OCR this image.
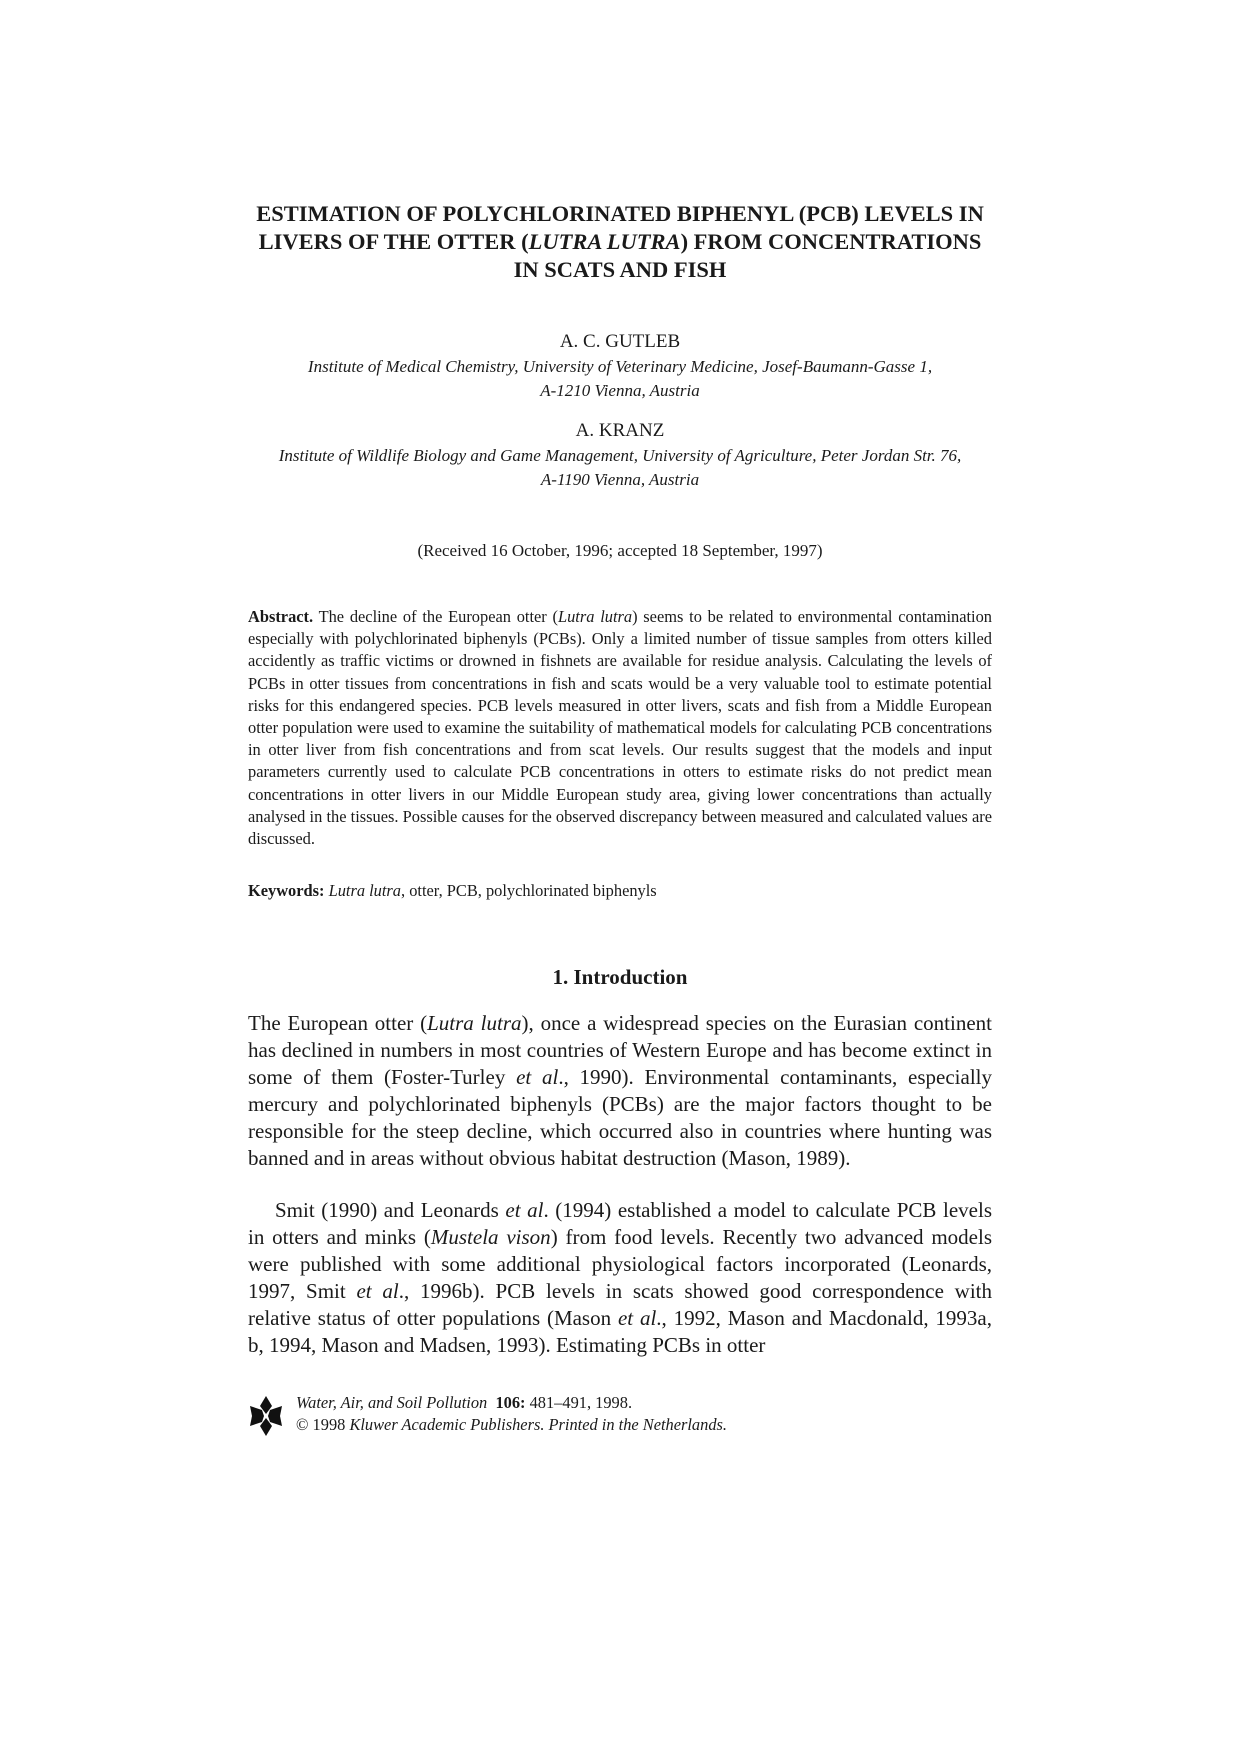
ESTIMATION OF POLYCHLORINATED BIPHENYL (PCB) LEVELS IN
LIVERS OF THE OTTER (LUTRA LUTRA) FROM CONCENTRATIONS
IN SCATS AND FISH
A. C. GUTLEB
Institute of Medical Chemistry, University of Veterinary Medicine, Josef-Baumann-Gasse 1,
A-1210 Vienna, Austria
A. KRANZ
Institute of Wildlife Biology and Game Management, University of Agriculture, Peter Jordan Str. 76,
A-1190 Vienna, Austria
(Received 16 October, 1996; accepted 18 September, 1997)

Abstract. The decline of the European otter (Lutra lutra) seems to be related to environmental contamination especially with polychlorinated biphenyls (PCBs). Only a limited number of tissue samples from otters killed accidently as traffic victims or drowned in fishnets are available for residue analysis. Calculating the levels of PCBs in otter tissues from concentrations in fish and scats would be a very valuable tool to estimate potential risks for this endangered species. PCB levels measured in otter livers, scats and fish from a Middle European otter population were used to examine the suitability of mathematical models for calculating PCB concentrations in otter liver from fish concentrations and from scat levels. Our results suggest that the models and input parameters currently used to calculate PCB concentrations in otters to estimate risks do not predict mean concentrations in otter livers in our Middle European study area, giving lower concentrations than actually analysed in the tissues. Possible causes for the observed discrepancy between measured and calculated values are discussed.

Keywords: Lutra lutra, otter, PCB, polychlorinated biphenyls
1. Introduction

The European otter (Lutra lutra), once a widespread species on the Eurasian continent has declined in numbers in most countries of Western Europe and has become extinct in some of them (Foster-Turley et al., 1990). Environmental contaminants, especially mercury and polychlorinated biphenyls (PCBs) are the major factors thought to be responsible for the steep decline, which occurred also in countries where hunting was banned and in areas without obvious habitat destruction (Mason, 1989).

Smit (1990) and Leonards et al. (1994) established a model to calculate PCB levels in otters and minks (Mustela vison) from food levels. Recently two advanced models were published with some additional physiological factors incorporated (Leonards, 1997, Smit et al., 1996b). PCB levels in scats showed good correspondence with relative status of otter populations (Mason et al., 1992, Mason and Macdonald, 1993a, b, 1994, Mason and Madsen, 1993). Estimating PCBs in otter

Water, Air, and Soil Pollution 106: 481–491, 1998.
© 1998 Kluwer Academic Publishers. Printed in the Netherlands.
